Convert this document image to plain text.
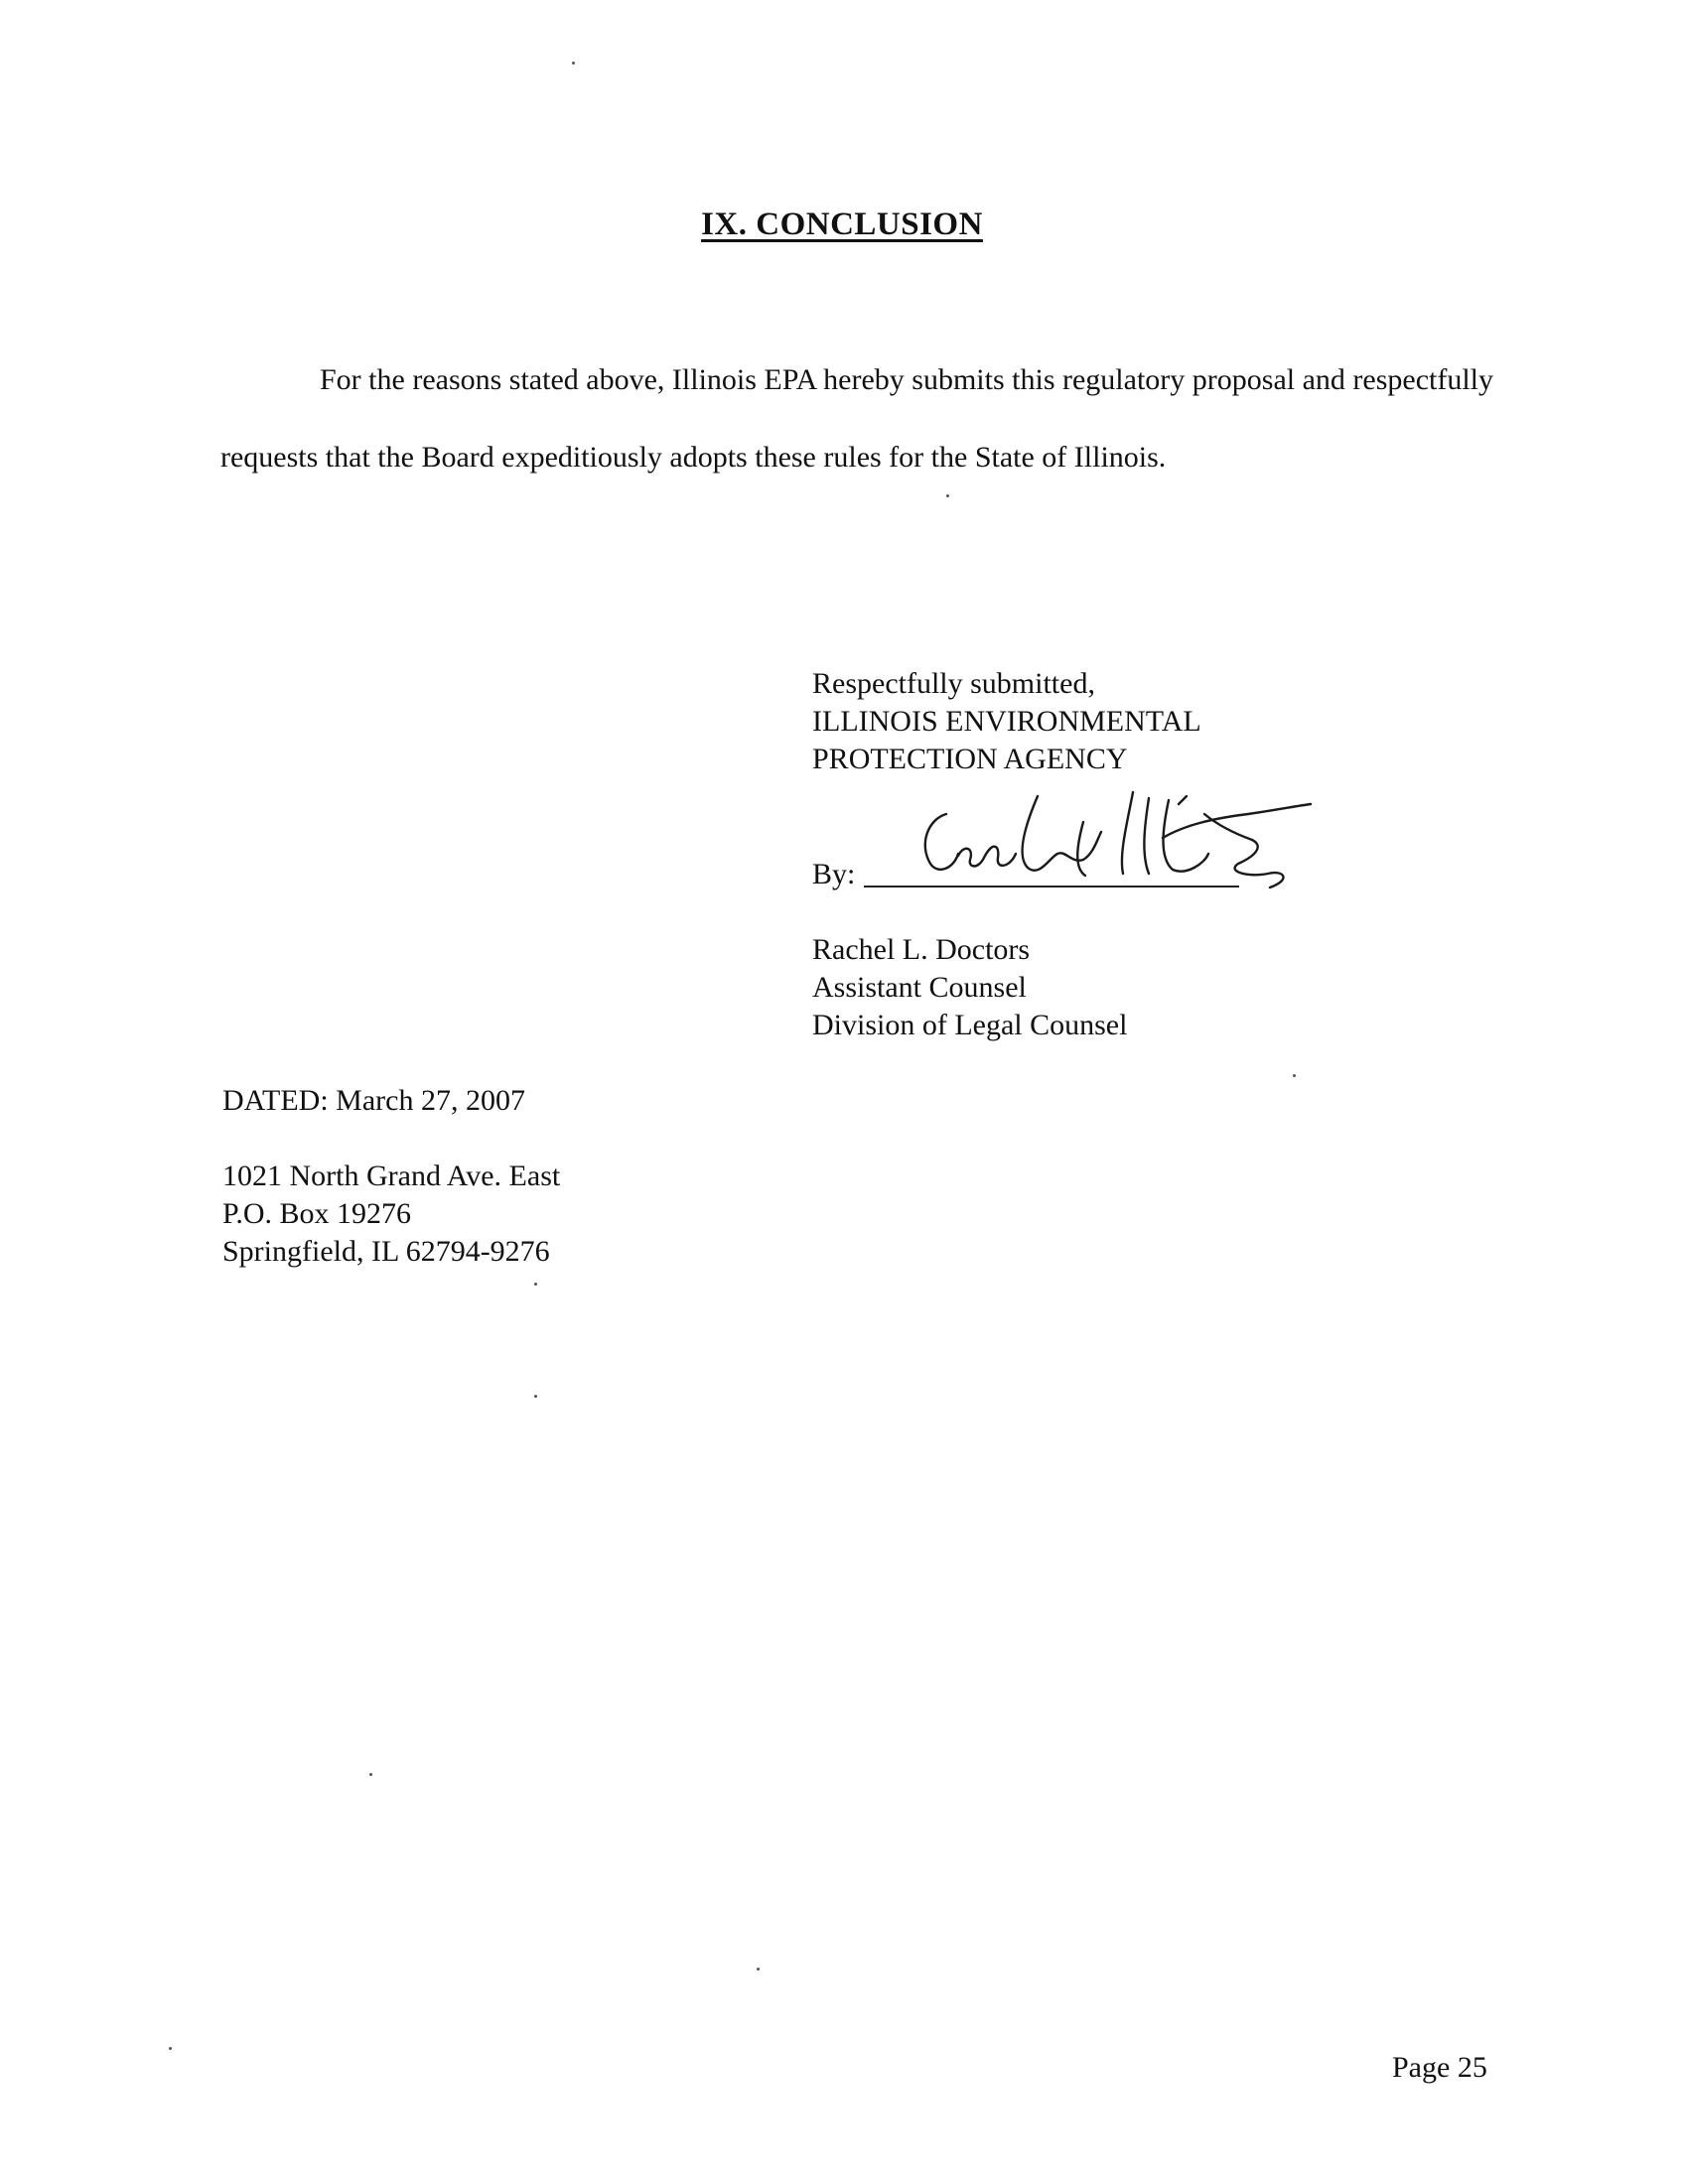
IX. CONCLUSION
For the reasons stated above, Illinois EPA hereby submits this regulatory proposal and respectfully requests that the Board expeditiously adopts these rules for the State of Illinois.
Respectfully submitted,
ILLINOIS ENVIRONMENTAL
PROTECTION AGENCY
By:
Rachel L. Doctors
Assistant Counsel
Division of Legal Counsel
DATED: March 27, 2007
1021 North Grand Ave. East
P.O. Box 19276
Springfield, IL 62794-9276
Page 25
